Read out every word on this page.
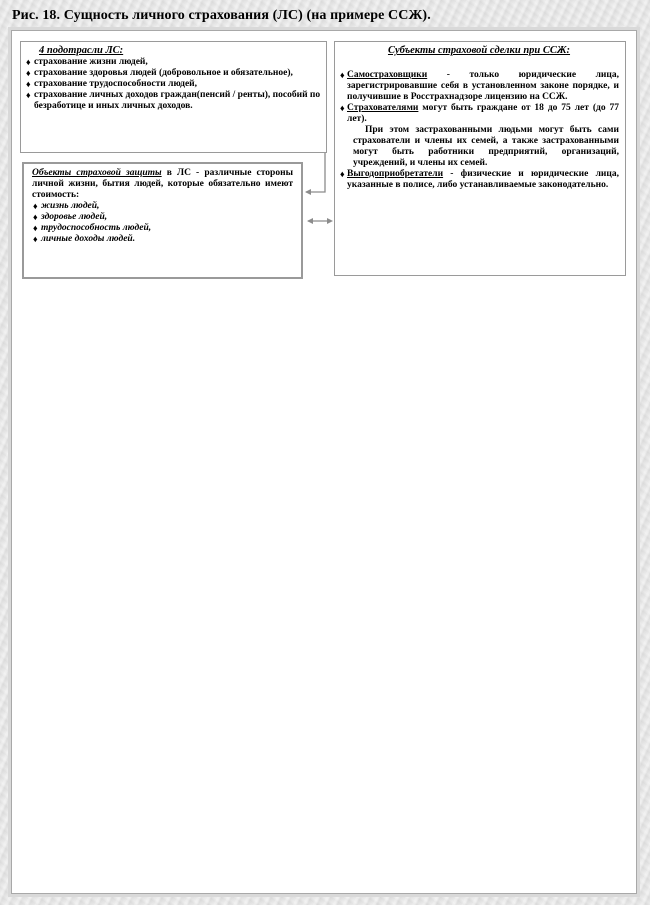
Рис. 18. Сущность личного страхования (ЛС) (на примере ССЖ).
4 подотрасли ЛС:
♦ страхование жизни людей,
♦ страхование здоровья людей (добровольное и обязательное),
♦ страхование трудоспособности людей,
♦ страхование личных доходов граждан(пенсий / ренты), пособий по безработице и иных личных доходов.
Объекты страховой защиты в ЛС - различные стороны личной жизни, бытия людей, которые обязательно имеют стоимость:
♦ жизнь людей,
♦ здоровье людей,
♦ трудоспособность людей,
♦ личные доходы людей.
Субъекты страховой сделки при ССЖ:
♦ Самостраховщики - только юридические лица, зарегистрировавшие себя в установленном законе порядке, и получившие в Росстрахнадзоре лицензию на ССЖ.
♦ Страхователями могут быть граждане от 18 до 75 лет (до 77 лет).
При этом застрахованными людьми могут быть сами страхователи и члены их семей, а также застрахованными могут быть работники предприятий, организаций, учреждений, и члены их семей.
♦ Выгодоприобретатели - физические и юридические лица, указанные в полисе, либо устанавливаемые законодательно.
